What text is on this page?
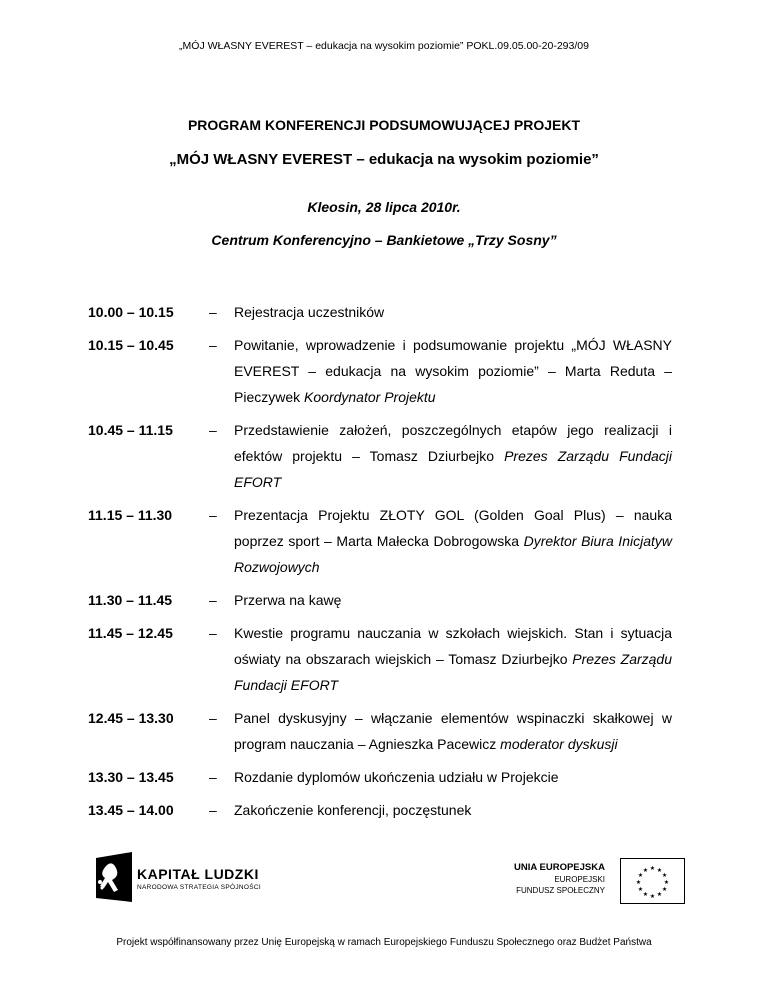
„MÓJ WŁASNY EVEREST – edukacja na wysokim poziomie” POKL.09.05.00-20-293/09
PROGRAM KONFERENCJI PODSUMOWUJĄCEJ PROJEKT
„MÓJ WŁASNY EVEREST – edukacja na wysokim poziomie”
Kleosin, 28 lipca 2010r.
Centrum Konferencyjno – Bankietowe „Trzy Sosny”
10.00 – 10.15	–	Rejestracja uczestników
10.15 – 10.45	–	Powitanie, wprowadzenie i podsumowanie projektu „MÓJ WŁASNY EVEREST – edukacja na wysokim poziomie” – Marta Reduta – Pieczywek Koordynator Projektu
10.45 – 11.15	–	Przedstawienie założeń, poszczególnych etapów jego realizacji i efektów projektu – Tomasz Dziurbejko Prezes Zarządu Fundacji EFORT
11.15 – 11.30	–	Prezentacja Projektu ZŁOTY GOL (Golden Goal Plus) – nauka poprzez sport – Marta Małecka Dobrogowska Dyrektor Biura Inicjatyw Rozwojowych
11.30 – 11.45	–	Przerwa na kawę
11.45 – 12.45	–	Kwestie programu nauczania w szkołach wiejskich. Stan i sytuacja oświaty na obszarach wiejskich – Tomasz Dziurbejko Prezes Zarządu Fundacji EFORT
12.45 – 13.30	–	Panel dyskusyjny – włączanie elementów wspinaczki skałkowej w program nauczania – Agnieszka Pacewicz moderator dyskusji
13.30 – 13.45	–	Rozdanie dyplomów ukończenia udziału w Projekcie
13.45 – 14.00	–	Zakończenie konferencji, poczęstunek
KAPITAŁ LUDZKI
NARODOWA STRATEGIA SPÓJNOŚCI
UNIA EUROPEJSKA
EUROPEJSKI
FUNDUSZ SPOŁECZNY
★ ★
★
★
★
★
★
★
★
★
★
★
Projekt współfinansowany przez Unię Europejską w ramach Europejskiego Funduszu Społecznego oraz Budżet Państwa
